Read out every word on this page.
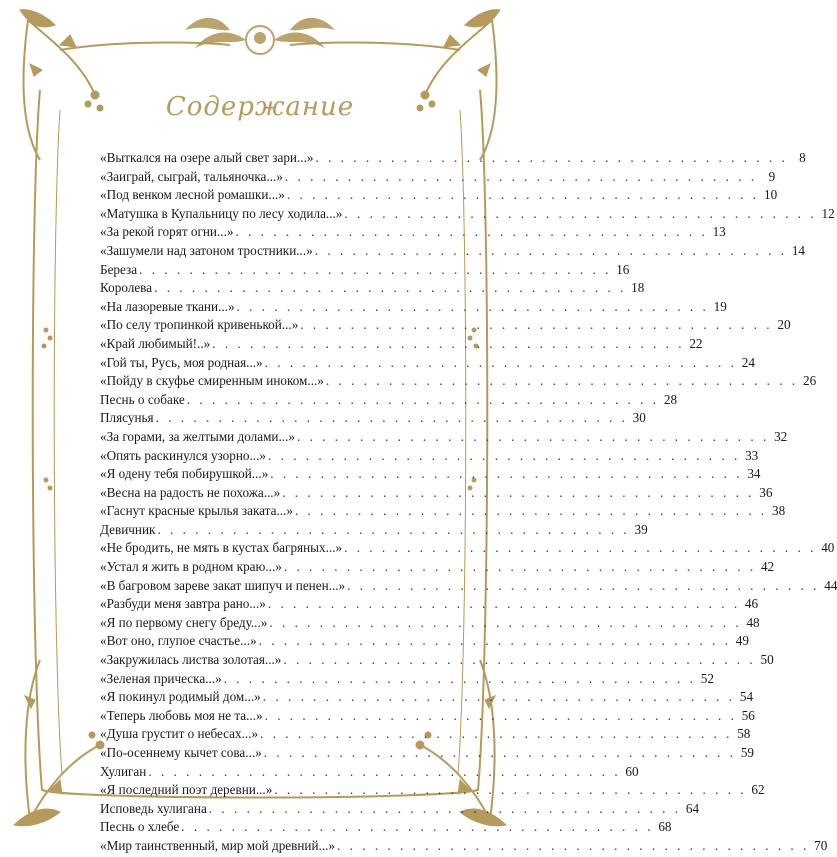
Содержание
«Выткался на озере алый свет зари...» . . . . . . . . . . . . . . . . . . . . . . . . . . . . . . . . . . . . . . 8
«Заиграй, сыграй, тальяночка...» . . . . . . . . . . . . . . . . . . . . . . . . . . . . . . . . . . . . . . 9
«Под венком лесной ромашки...» . . . . . . . . . . . . . . . . . . . . . . . . . . . . . . . . . . . . . . 10
«Матушка в Купальницу по лесу ходила...» . . . . . . . . . . . . . . . . . . . . . . . . . . . . . . . . . . . . . . 12
«За рекой горят огни...» . . . . . . . . . . . . . . . . . . . . . . . . . . . . . . . . . . . . . . 13
«Зашумели над затоном тростники...» . . . . . . . . . . . . . . . . . . . . . . . . . . . . . . . . . . . . . . 14
Береза . . . . . . . . . . . . . . . . . . . . . . . . . . . . . . . . . . . . . . 16
Королева . . . . . . . . . . . . . . . . . . . . . . . . . . . . . . . . . . . . . . 18
«На лазоревые ткани...» . . . . . . . . . . . . . . . . . . . . . . . . . . . . . . . . . . . . . . 19
«По селу тропинкой кривенькой...» . . . . . . . . . . . . . . . . . . . . . . . . . . . . . . . . . . . . . . 20
«Край любимый!..» . . . . . . . . . . . . . . . . . . . . . . . . . . . . . . . . . . . . . . 22
«Гой ты, Русь, моя родная...» . . . . . . . . . . . . . . . . . . . . . . . . . . . . . . . . . . . . . . 24
«Пойду в скуфье смиренным иноком...» . . . . . . . . . . . . . . . . . . . . . . . . . . . . . . . . . . . . . . 26
Песнь о собаке . . . . . . . . . . . . . . . . . . . . . . . . . . . . . . . . . . . . . . 28
Плясунья . . . . . . . . . . . . . . . . . . . . . . . . . . . . . . . . . . . . . . 30
«За горами, за желтыми долами...» . . . . . . . . . . . . . . . . . . . . . . . . . . . . . . . . . . . . . . 32
«Опять раскинулся узорно...» . . . . . . . . . . . . . . . . . . . . . . . . . . . . . . . . . . . . . . 33
«Я одену тебя побирушкой...» . . . . . . . . . . . . . . . . . . . . . . . . . . . . . . . . . . . . . . 34
«Весна на радость не похожа...» . . . . . . . . . . . . . . . . . . . . . . . . . . . . . . . . . . . . . . 36
«Гаснут красные крылья заката...» . . . . . . . . . . . . . . . . . . . . . . . . . . . . . . . . . . . . . . 38
Девичник . . . . . . . . . . . . . . . . . . . . . . . . . . . . . . . . . . . . . . 39
«Не бродить, не мять в кустах багряных...» . . . . . . . . . . . . . . . . . . . . . . . . . . . . . . . . . . . . . . 40
«Устал я жить в родном краю...» . . . . . . . . . . . . . . . . . . . . . . . . . . . . . . . . . . . . . . 42
«В багровом зареве закат шипуч и пенен...» . . . . . . . . . . . . . . . . . . . . . . . . . . . . . . . . . . . . . . 44
«Разбуди меня завтра рано...» . . . . . . . . . . . . . . . . . . . . . . . . . . . . . . . . . . . . . . 46
«Я по первому снегу бреду...» . . . . . . . . . . . . . . . . . . . . . . . . . . . . . . . . . . . . . . 48
«Вот оно, глупое счастье...» . . . . . . . . . . . . . . . . . . . . . . . . . . . . . . . . . . . . . . 49
«Закружилась листва золотая...» . . . . . . . . . . . . . . . . . . . . . . . . . . . . . . . . . . . . . . 50
«Зеленая прическа...» . . . . . . . . . . . . . . . . . . . . . . . . . . . . . . . . . . . . . . 52
«Я покинул родимый дом...» . . . . . . . . . . . . . . . . . . . . . . . . . . . . . . . . . . . . . . 54
«Теперь любовь моя не та...» . . . . . . . . . . . . . . . . . . . . . . . . . . . . . . . . . . . . . . 56
«Душа грустит о небесах...» . . . . . . . . . . . . . . . . . . . . . . . . . . . . . . . . . . . . . . 58
«По-осеннему кычет сова...» . . . . . . . . . . . . . . . . . . . . . . . . . . . . . . . . . . . . . . 59
Хулиган . . . . . . . . . . . . . . . . . . . . . . . . . . . . . . . . . . . . . . 60
«Я последний поэт деревни...» . . . . . . . . . . . . . . . . . . . . . . . . . . . . . . . . . . . . . . 62
Исповедь хулигана . . . . . . . . . . . . . . . . . . . . . . . . . . . . . . . . . . . . . . 64
Песнь о хлебе . . . . . . . . . . . . . . . . . . . . . . . . . . . . . . . . . . . . . . 68
«Мир таинственный, мир мой древний...» . . . . . . . . . . . . . . . . . . . . . . . . . . . . . . . . . . . . . . 70
